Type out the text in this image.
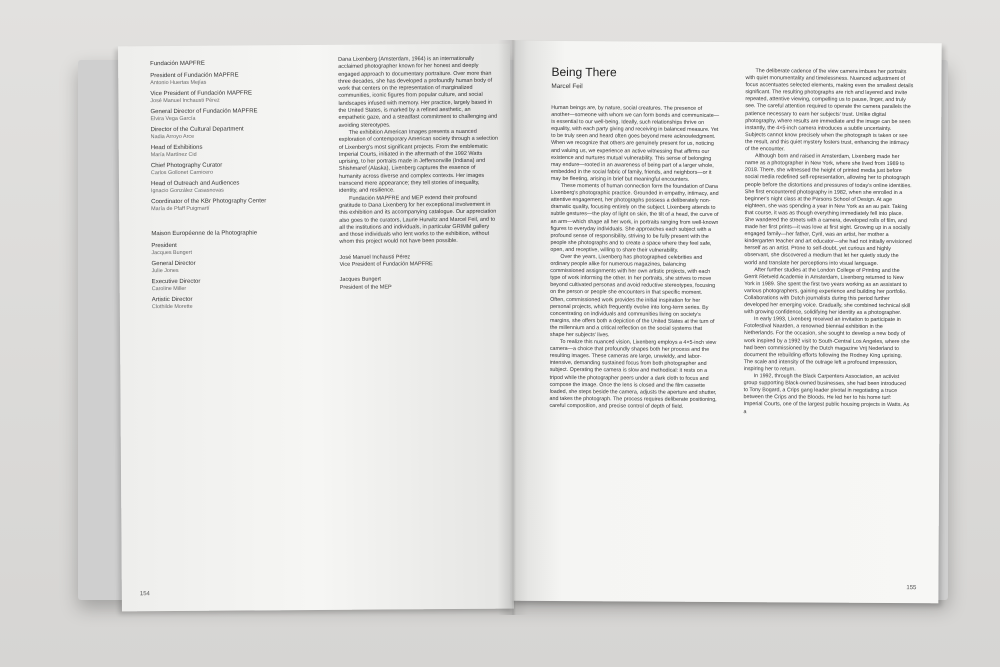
Fundación MAPFRE
President of Fundación MAPFRE
Antonio Huertas Mejías
Vice President of Fundación MAPFRE
José Manuel Inchausti Pérez
General Director of Fundación MAPFRE
Elvira Vega García
Director of the Cultural Department
Nadia Arroyo Arce
Head of Exhibitions
María Martínez Cid
Chief Photography Curator
Carlos Gollonet Carnicero
Head of Outreach and Audiences
Ignacio González Casasnovas
Coordinator of the KBr Photography Center
María de Pfaff Puigmartí
Maison Européenne de la Photographie
President
Jacques Bungert
General Director
Julie Jones
Executive Director
Caroline Miller
Artistic Director
Clothilde Morette

Dana Lixenberg (Amsterdam, 1964) is an internationally acclaimed photographer known for her honest and deeply engaged approach to documentary portraiture. Over more than three decades, she has developed a profoundly human body of work that centers on the representation of marginalized communities, iconic figures from popular culture, and social landscapes infused with memory. Her practice, largely based in the United States, is marked by a refined aesthetic, an empathetic gaze, and a steadfast commitment to challenging and avoiding stereotypes.

The exhibition American Images presents a nuanced exploration of contemporary American society through a selection of Lixenberg's most significant projects. From the emblematic Imperial Courts, initiated in the aftermath of the 1992 Watts uprising, to her portraits made in Jeffersonville (Indiana) and Shishmaref (Alaska), Lixenberg captures the essence of humanity across diverse and complex contexts. Her images transcend mere appearance; they tell stories of inequality, identity, and resilience.

Fundación MAPFRE and MEP extend their profound gratitude to Dana Lixenberg for her exceptional involvement in this exhibition and its accompanying catalogue. Our appreciation also goes to the curators, Laurie Hurwitz and Marcel Feil, and to all the institutions and individuals, in particular GRIMM gallery and those individuals who lent works to the exhibition, without whom this project would not have been possible.

José Manuel Inchausti Pérez
Vice President of Fundación MAPFRE
Jacques Bungert
President of the MEP
154
Being There
Marcel Feil

Human beings are, by nature, social creatures. The presence of another—someone with whom we can form bonds and communicate—is essential to our well-being. Ideally, such relationships thrive on equality, with each party giving and receiving in balanced measure. Yet to be truly seen and heard often goes beyond mere acknowledgment. When we recognize that others are genuinely present for us, noticing and valuing us, we experience an active witnessing that affirms our existence and nurtures mutual vulnerability. This sense of belonging may endure—rooted in an awareness of being part of a larger whole, embedded in the social fabric of family, friends, and neighbors—or it may be fleeting, arising in brief but meaningful encounters.

These moments of human connection form the foundation of Dana Lixenberg's photographic practice. Grounded in empathy, intimacy, and attentive engagement, her photographs possess a deliberately non-dramatic quality, focusing entirely on the subject. Lixenberg attends to subtle gestures—the play of light on skin, the tilt of a head, the curve of an arm—which shape all her work, in portraits ranging from well-known figures to everyday individuals. She approaches each subject with a profound sense of responsibility, striving to be fully present with the people she photographs and to create a space where they feel safe, open, and receptive, willing to share their vulnerability.

Over the years, Lixenberg has photographed celebrities and ordinary people alike for numerous magazines, balancing commissioned assignments with her own artistic projects, with each type of work informing the other. In her portraits, she strives to move beyond cultivated personas and avoid reductive stereotypes, focusing on the person or people she encounters in that specific moment. Often, commissioned work provides the initial inspiration for her personal projects, which frequently evolve into long-term series. By concentrating on individuals and communities living on society's margins, she offers both a depiction of the United States at the turn of the millennium and a critical reflection on the social systems that shape her subjects' lives.

To realize this nuanced vision, Lixenberg employs a 4×5-inch view camera—a choice that profoundly shapes both her process and the resulting images. These cameras are large, unwieldy, and labor-intensive, demanding sustained focus from both photographer and subject. Operating the camera is slow and methodical: it rests on a tripod while the photographer peers under a dark cloth to focus and compose the image. Once the lens is closed and the film cassette loaded, she steps beside the camera, adjusts the aperture and shutter, and takes the photograph. The process requires deliberate positioning, careful composition, and precise control of depth of field.

The deliberate cadence of the view camera imbues her portraits with quiet monumentality and timelessness. Nuanced adjustment of focus accentuates selected elements, making even the smallest details significant. The resulting photographs are rich and layered and invite repeated, attentive viewing, compelling us to pause, linger, and truly see. The careful attention required to operate the camera parallels the patience necessary to earn her subjects' trust. Unlike digital photography, where results are immediate and the image can be seen instantly, the 4×5-inch camera introduces a subtle uncertainty. Subjects cannot know precisely when the photograph is taken or see the result, and this quiet mystery fosters trust, enhancing the intimacy of the encounter.

Although born and raised in Amsterdam, Lixenberg made her name as a photographer in New York, where she lived from 1989 to 2018. There, she witnessed the height of printed media just before social media redefined self-representation, allowing her to photograph people before the distortions and pressures of today's online identities. She first encountered photography in 1982, when she enrolled in a beginner's night class at the Parsons School of Design. At age eighteen, she was spending a year in New York as an au pair. Taking that course, it was as though everything immediately fell into place. She wandered the streets with a camera, developed rolls of film, and made her first prints—it was love at first sight. Growing up in a socially engaged family—her father, Cyril, was an artist, her mother a kindergarten teacher and art educator—she had not initially envisioned herself as an artist. Prone to self-doubt, yet curious and highly observant, she discovered a medium that let her quietly study the world and translate her perceptions into visual language.

After further studies at the London College of Printing and the Gerrit Rietveld Academie in Amsterdam, Lixenberg returned to New York in 1989. She spent the first two years working as an assistant to various photographers, gaining experience and building her portfolio. Collaborations with Dutch journalists during this period further developed her emerging voice. Gradually, she combined technical skill with growing confidence, solidifying her identity as a photographer.

In early 1993, Lixenberg received an invitation to participate in Fotofestival Naarden, a renowned biennial exhibition in the Netherlands. For the occasion, she sought to develop a new body of work inspired by a 1992 visit to South-Central Los Angeles, where she had been commissioned by the Dutch magazine Vrij Nederland to document the rebuilding efforts following the Rodney King uprising. The scale and intensity of the outrage left a profound impression, inspiring her to return.

In 1992, through the Black Carpenters Association, an activist group supporting Black-owned businesses, she had been introduced to Tony Bogard, a Crips gang leader pivotal in negotiating a truce between the Crips and the Bloods. He led her to his home turf: Imperial Courts, one of the largest public housing projects in Watts. As a

155
